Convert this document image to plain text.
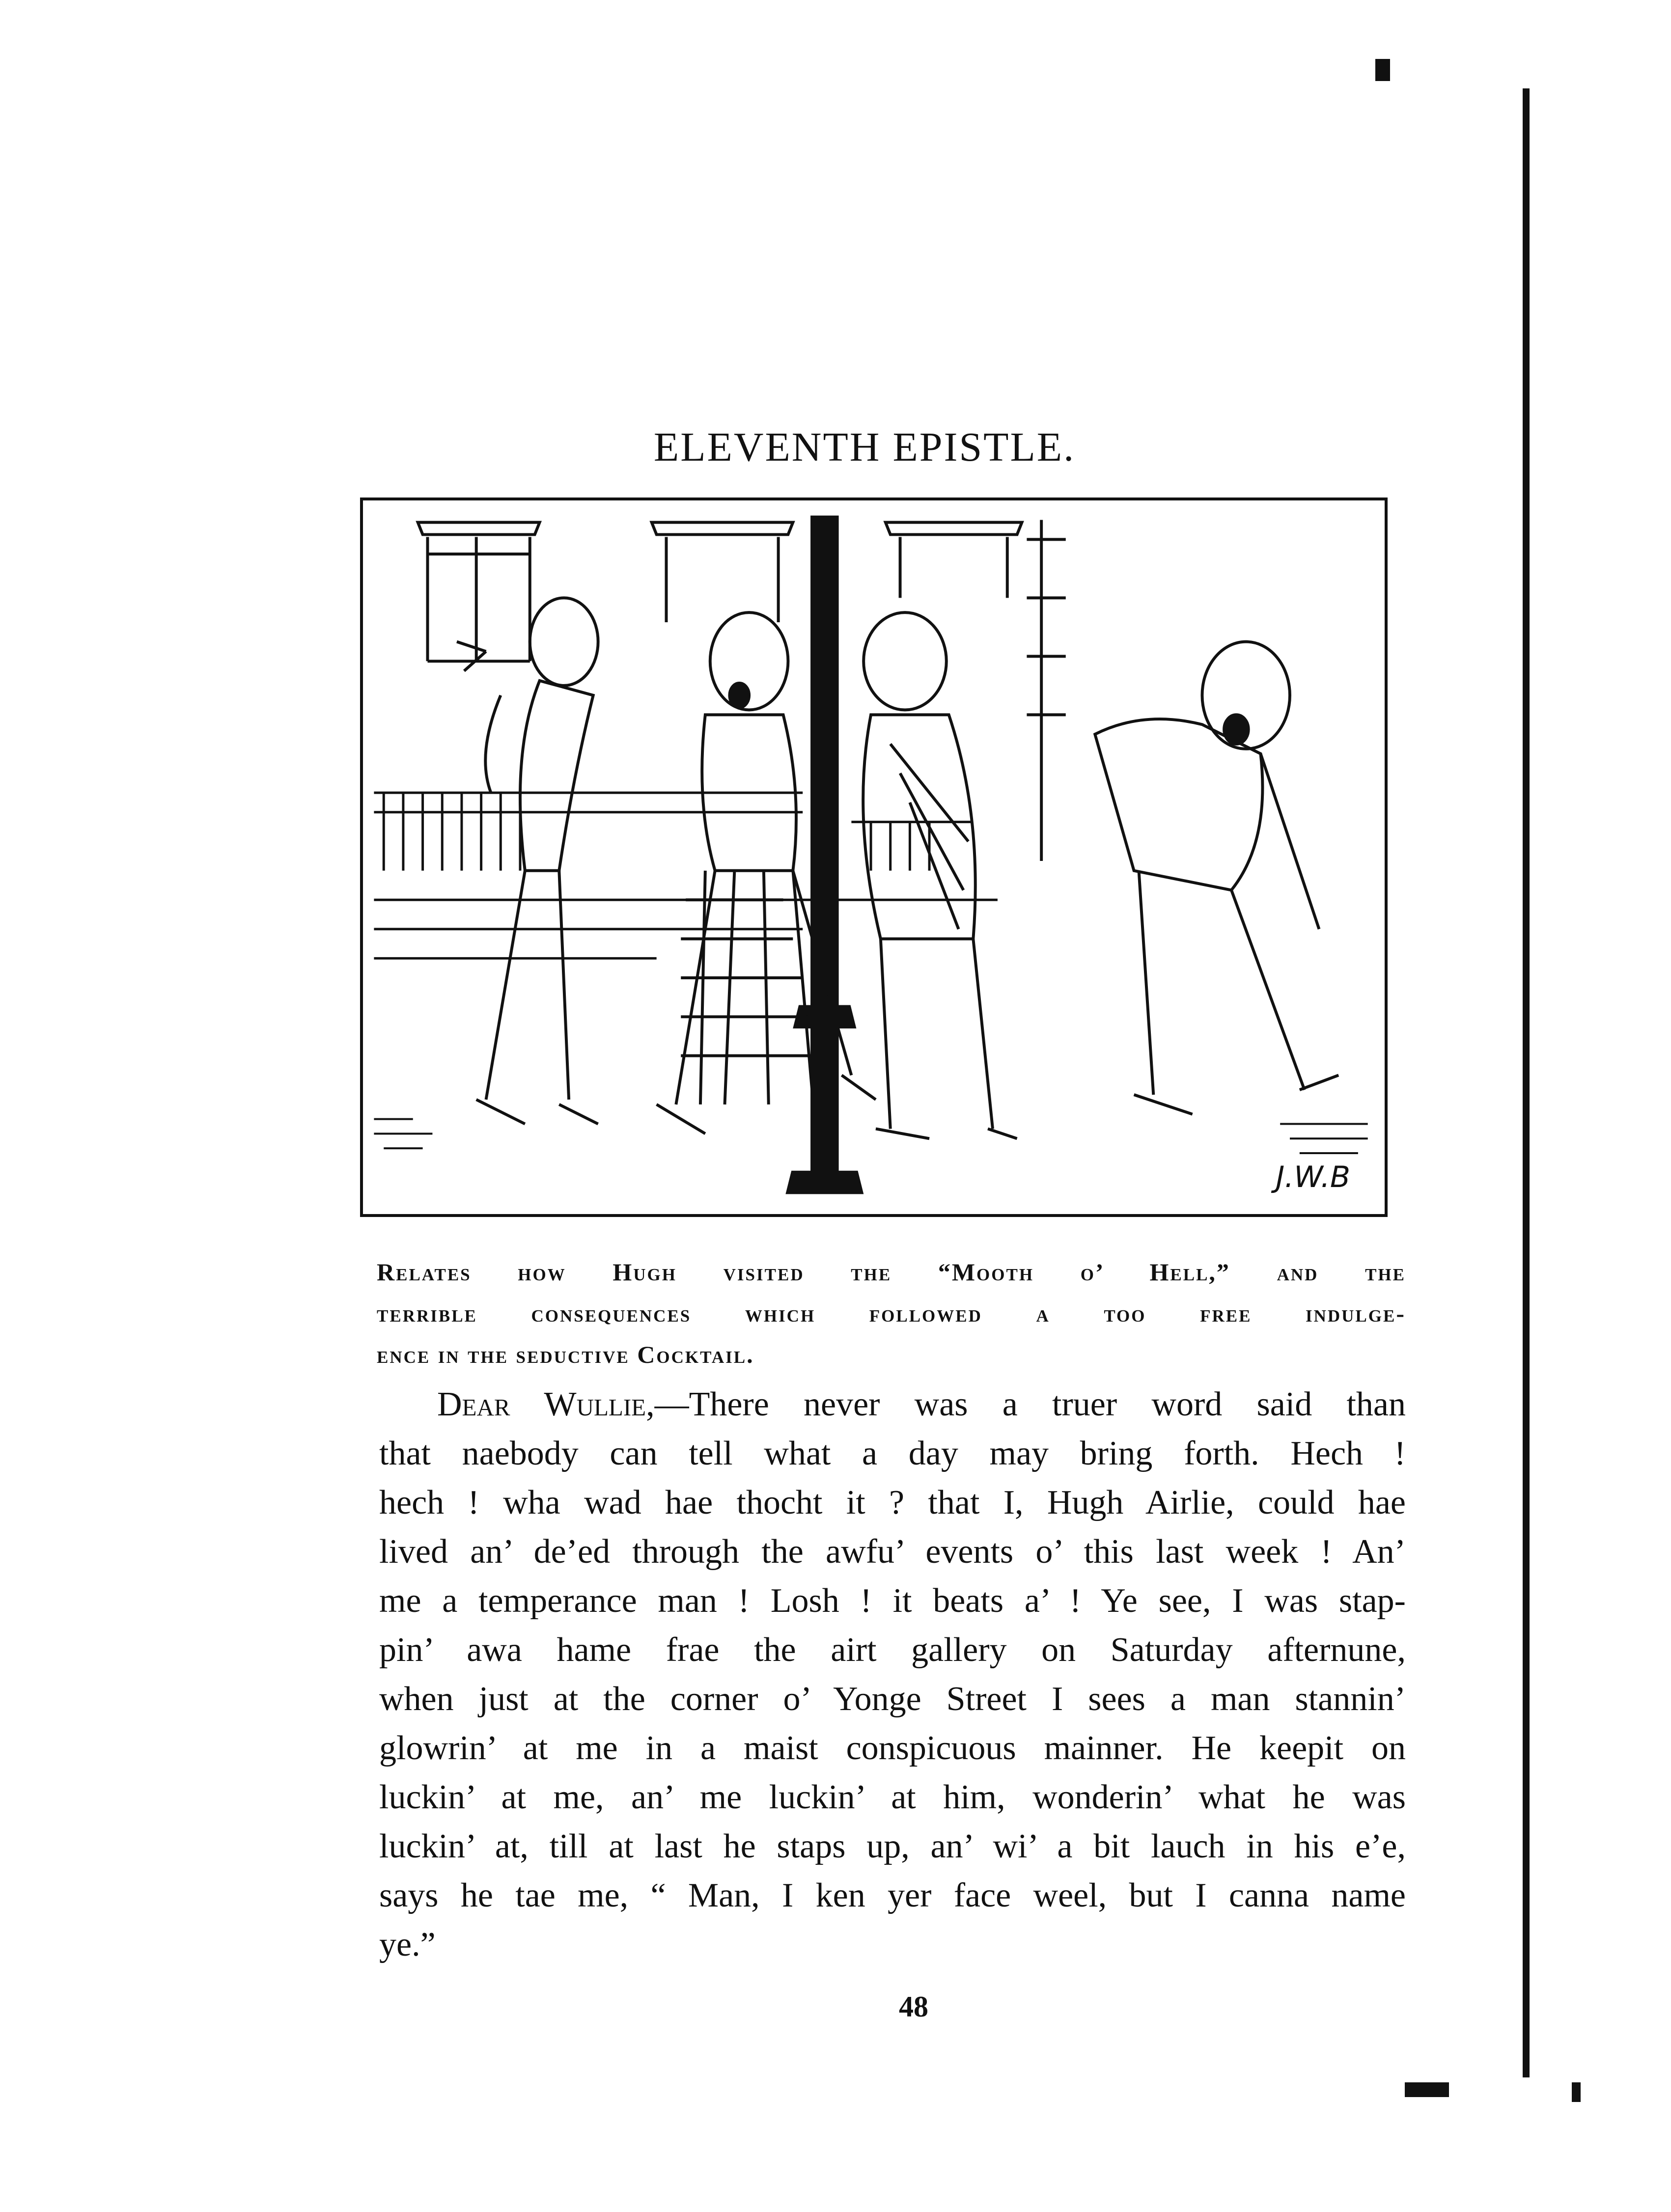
ELEVENTH EPISTLE.
J.W.B
Relates how Hugh visited the “Mooth o’ Hell,” and the
terrible consequences which followed a too free indulge-
ence in the seductive Cocktail.
Dear Wullie,—There never was a truer word said than
that naebody can tell what a day may bring forth. Hech !
hech ! wha wad hae thocht it ? that I, Hugh Airlie, could hae
lived an’ de’ed through the awfu’ events o’ this last week ! An’
me a temperance man ! Losh ! it beats a’ ! Ye see, I was stap-
pin’ awa hame frae the airt gallery on Saturday afternune,
when just at the corner o’ Yonge Street I sees a man stannin’
glowrin’ at me in a maist conspicuous mainner. He keepit on
luckin’ at me, an’ me luckin’ at him, wonderin’ what he was
luckin’ at, till at last he staps up, an’ wi’ a bit lauch in his e’e,
says he tae me, “ Man, I ken yer face weel, but I canna name
ye.”
48
